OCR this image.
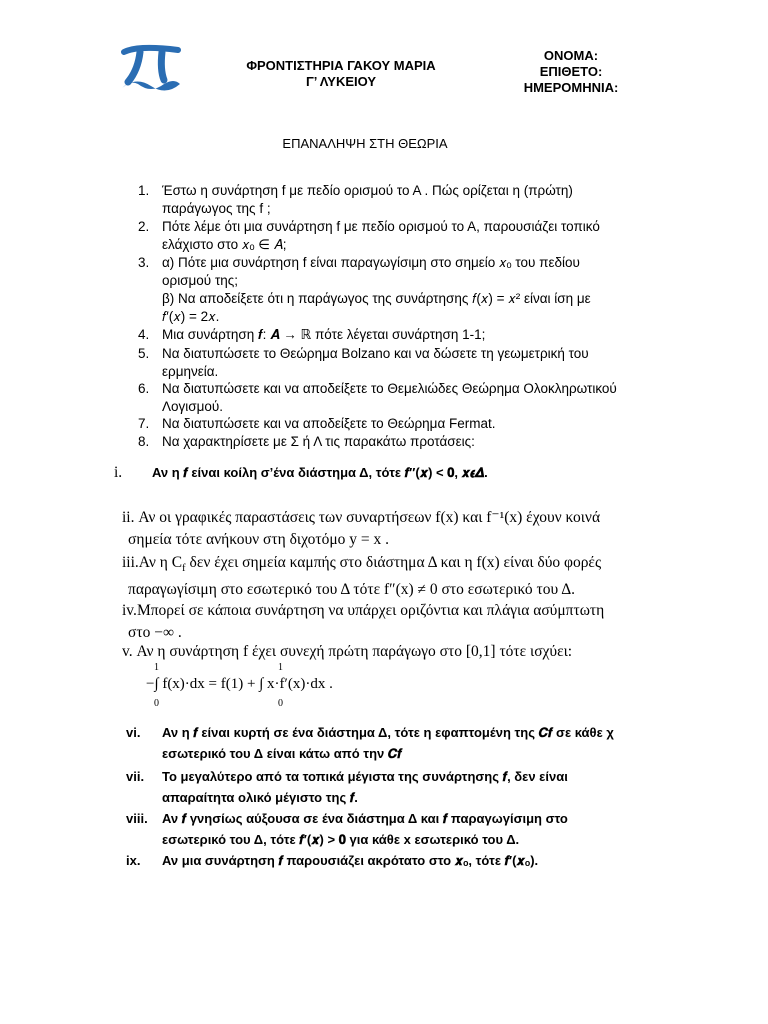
ΦΡΟΝΤΙΣΤΗΡΙΑ ΓΑΚΟΥ ΜΑΡΙΑ
Γ’ ΛΥΚΕΙΟΥ
ΟΝΟΜΑ:
ΕΠΙΘΕΤΟ:
ΗΜΕΡΟΜΗΝΙΑ:
ΕΠΑΝΑΛΗΨΗ ΣΤΗ ΘΕΩΡΙΑ
1. Έστω η συνάρτηση f με πεδίο ορισμού το Α . Πώς ορίζεται η (πρώτη)
παράγωγος της f ;
2. Πότε λέμε ότι μια συνάρτηση f με πεδίο ορισμού το Α, παρουσιάζει τοπικό
ελάχιστο στο 𝑥ₒ ∈ 𝐴;
3. α) Πότε μια συνάρτηση f είναι παραγωγίσιμη στο σημείο 𝑥ₒ του πεδίου
ορισμού της;
β) Να αποδείξετε ότι η παράγωγος της συνάρτησης 𝑓(𝑥) = 𝑥² είναι ίση με
𝑓′(𝑥) = 2𝑥.
4. Μια συνάρτηση 𝒇: 𝑨 → ℝ πότε λέγεται συνάρτηση 1-1;
5. Να διατυπώσετε το Θεώρημα Bolzano και να δώσετε τη γεωμετρική του
ερμηνεία.
6. Να διατυπώσετε και να αποδείξετε το Θεμελιώδες Θεώρημα Ολοκληρωτικού
Λογισμού.
7. Να διατυπώσετε και να αποδείξετε το Θεώρημα Fermat.
8. Να χαρακτηρίσετε με Σ ή Λ τις παρακάτω προτάσεις:
i. Αν η 𝒇 είναι κοίλη σ’ένα διάστημα Δ, τότε 𝒇′′(𝒙) < 𝟎, 𝒙𝝐𝜟.
ii. Αν οι γραφικές παραστάσεις των συναρτήσεων f(x) και f⁻¹(x) έχουν κοινά
σημεία τότε ανήκουν στη διχοτόμο y = x .
iii.Αν η $C_f$ δεν έχει σημεία καμπής στο διάστημα Δ και η f(x) είναι δύο φορές
παραγωγίσιμη στο εσωτερικό του Δ τότε f″(x) ≠ 0 στο εσωτερικό του Δ.
iv.Μπορεί σε κάποια συνάρτηση να υπάρχει οριζόντια και πλάγια ασύμπτωτη
στο −∞ .
v. Αν η συνάρτηση f έχει συνεχή πρώτη παράγωγο στο [0,1] τότε ισχύει:
1	1
−∫ f(x)·dx = f(1) + ∫ x·f′(x)·dx .
0	0
vi. Αν η 𝒇 είναι κυρτή σε ένα διάστημα Δ, τότε η εφαπτομένη της 𝑪𝒇 σε κάθε χ
εσωτερικό του Δ είναι κάτω από την 𝑪𝒇
vii. Το μεγαλύτερο από τα τοπικά μέγιστα της συνάρτησης 𝒇, δεν είναι
απαραίτητα ολικό μέγιστο της 𝒇.
viii. Αν 𝒇 γνησίως αύξουσα σε ένα διάστημα Δ και 𝒇 παραγωγίσιμη στο
εσωτερικό του Δ, τότε 𝒇′(𝒙) > 𝟎 για κάθε x εσωτερικό του Δ.
ix. Αν μια συνάρτηση 𝒇 παρουσιάζει ακρότατο στο 𝒙ₒ, τότε 𝒇′(𝒙ₒ).
